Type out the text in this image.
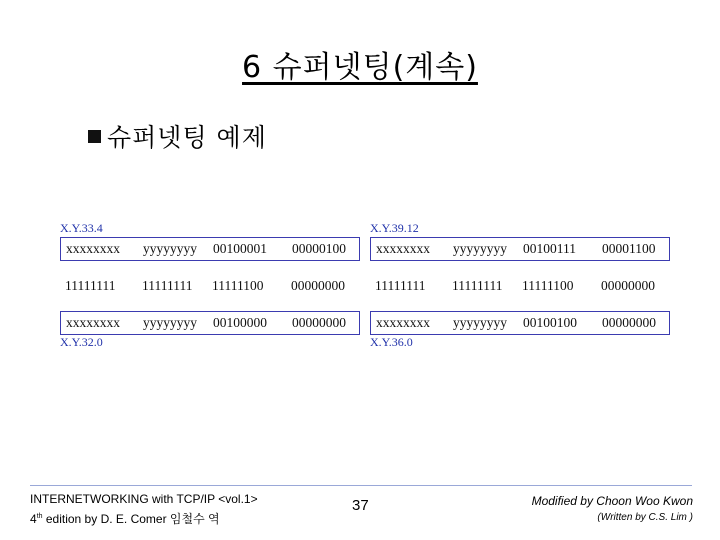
6 슈퍼넷팅(계속)
슈퍼넷팅 예제
X.Y.33.4
xxxxxxxx	yyyyyyyy	00100001	00000100
11111111	11111111	11111100	00000000
xxxxxxxx	yyyyyyyy	00100000	00000000
X.Y.32.0
X.Y.39.12
xxxxxxxx	yyyyyyyy	00100111	00001100
11111111	11111111	11111100	00000000
xxxxxxxx	yyyyyyyy	00100100	00000000
X.Y.36.0
INTERNETWORKING with TCP/IP <vol.1>
4th edition by D. E. Comer 임철수 역
37	Modified by Choon Woo Kwon
(Written by C.S. Lim )
